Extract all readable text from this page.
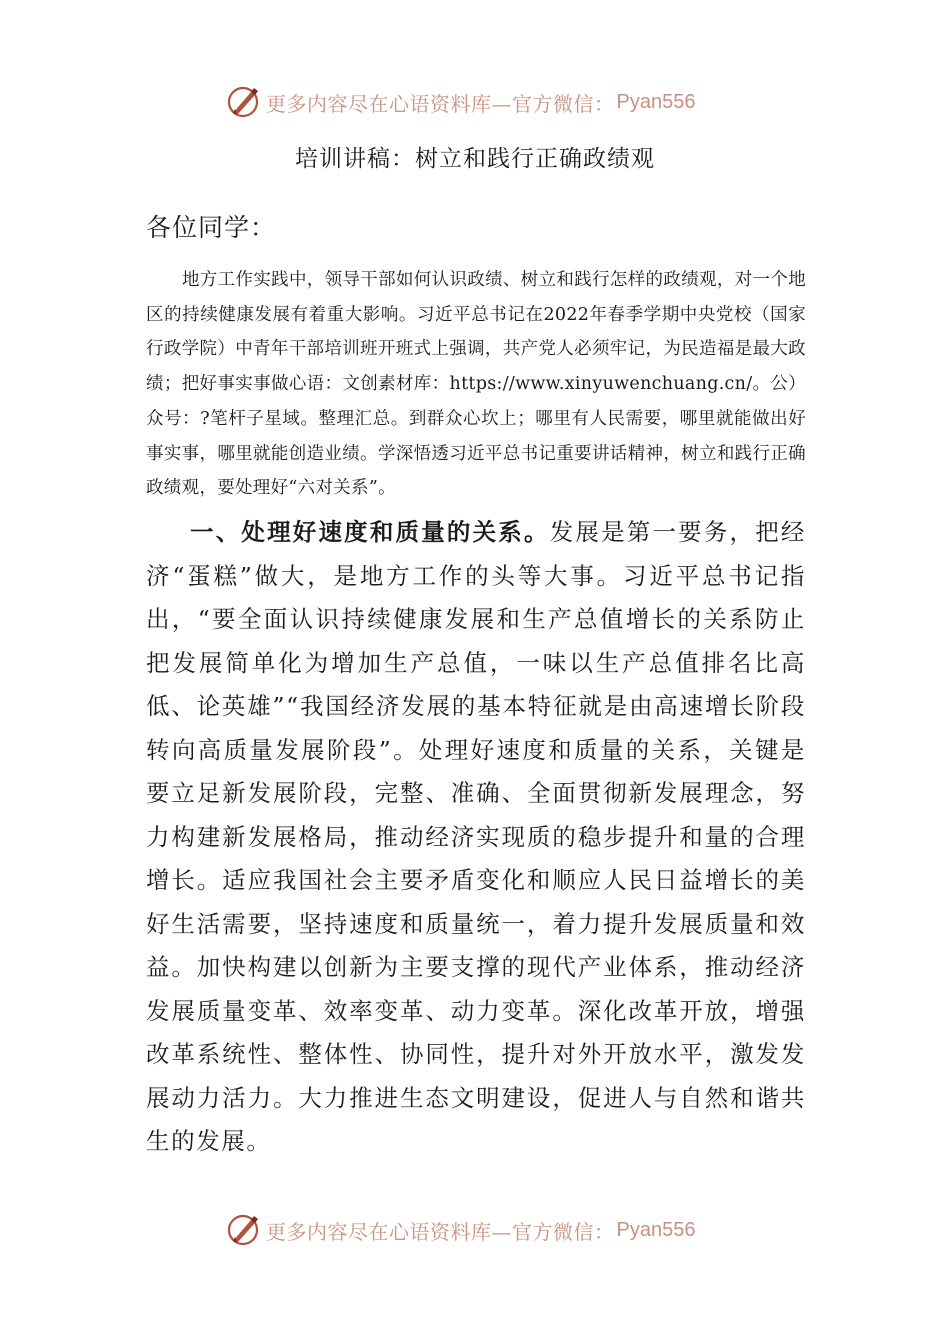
更多内容尽在心语资料库—官方微信： Pyan556
培训讲稿：树立和践行正确政绩观
各位同学：

地方工作实践中，领导干部如何认识政绩、树立和践行怎样的政绩观，对一个地区的持续健康发展有着重大影响。习近平总书记在2022年春季学期中央党校（国家行政学院）中青年干部培训班开班式上强调，共产党人必须牢记，为民造福是最大政绩；把好事实事做心语：文创素材库：https://www.xinyuwenchuang.cn/。公）众号：?笔杆子星域。整理汇总。到群众心坎上；哪里有人民需要，哪里就能做出好事实事，哪里就能创造业绩。学深悟透习近平总书记重要讲话精神，树立和践行正确政绩观，要处理好“六对关系”。

一、处理好速度和质量的关系。发展是第一要务，把经济“蛋糕”做大，是地方工作的头等大事。习近平总书记指出，“要全面认识持续健康发展和生产总值增长的关系防止把发展简单化为增加生产总值，一味以生产总值排名比高低、论英雄”“我国经济发展的基本特征就是由高速增长阶段转向高质量发展阶段”。处理好速度和质量的关系，关键是要立足新发展阶段，完整、准确、全面贯彻新发展理念，努力构建新发展格局，推动经济实现质的稳步提升和量的合理增长。适应我国社会主要矛盾变化和顺应人民日益增长的美好生活需要，坚持速度和质量统一，着力提升发展质量和效益。加快构建以创新为主要支撑的现代产业体系，推动经济发展质量变革、效率变革、动力变革。深化改革开放，增强改革系统性、整体性、协同性，提升对外开放水平，激发发展动力活力。大力推进生态文明建设，促进人与自然和谐共生的发展。

更多内容尽在心语资料库—官方微信： Pyan556
